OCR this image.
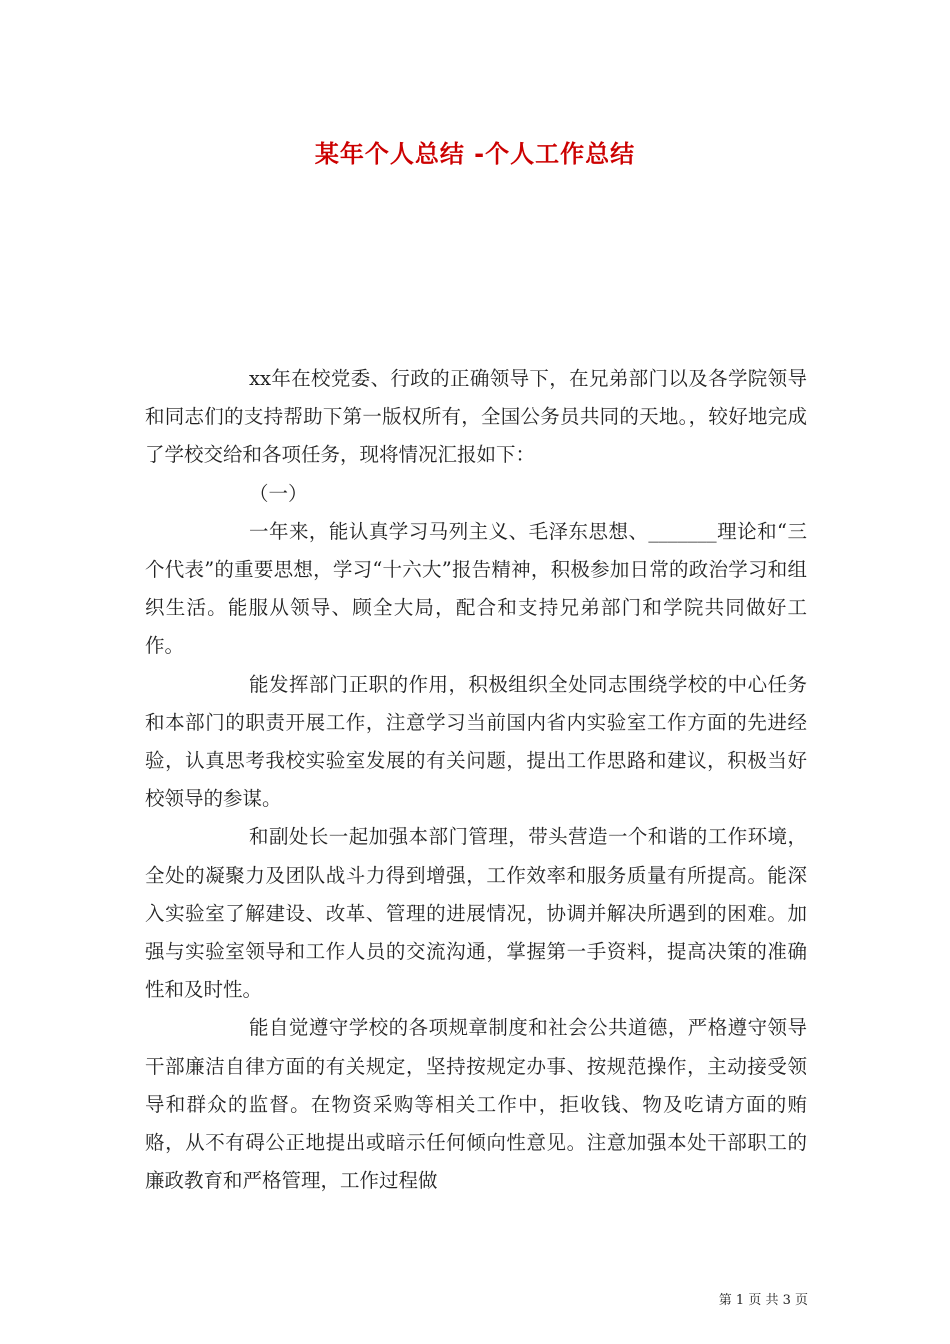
某年个人总结 -个人工作总结

xx年在校党委、行政的正确领导下，在兄弟部门以及各学院领导和同志们的支持帮助下第一版权所有，全国公务员共同的天地。，较好地完成了学校交给和各项任务，现将情况汇报如下：

（一）

一年来，能认真学习马列主义、毛泽东思想、_______理论和“三个代表”的重要思想，学习“十六大”报告精神，积极参加日常的政治学习和组织生活。能服从领导、顾全大局，配合和支持兄弟部门和学院共同做好工作。

能发挥部门正职的作用，积极组织全处同志围绕学校的中心任务和本部门的职责开展工作，注意学习当前国内省内实验室工作方面的先进经验，认真思考我校实验室发展的有关问题，提出工作思路和建议，积极当好校领导的参谋。

和副处长一起加强本部门管理，带头营造一个和谐的工作环境，全处的凝聚力及团队战斗力得到增强，工作效率和服务质量有所提高。能深入实验室了解建设、改革、管理的进展情况，协调并解决所遇到的困难。加强与实验室领导和工作人员的交流沟通，掌握第一手资料，提高决策的准确性和及时性。

能自觉遵守学校的各项规章制度和社会公共道德，严格遵守领导干部廉洁自律方面的有关规定，坚持按规定办事、按规范操作，主动接受领导和群众的监督。在物资采购等相关工作中，拒收钱、物及吃请方面的贿赂，从不有碍公正地提出或暗示任何倾向性意见。注意加强本处干部职工的廉政教育和严格管理，工作过程做

第 1 页 共 3 页
